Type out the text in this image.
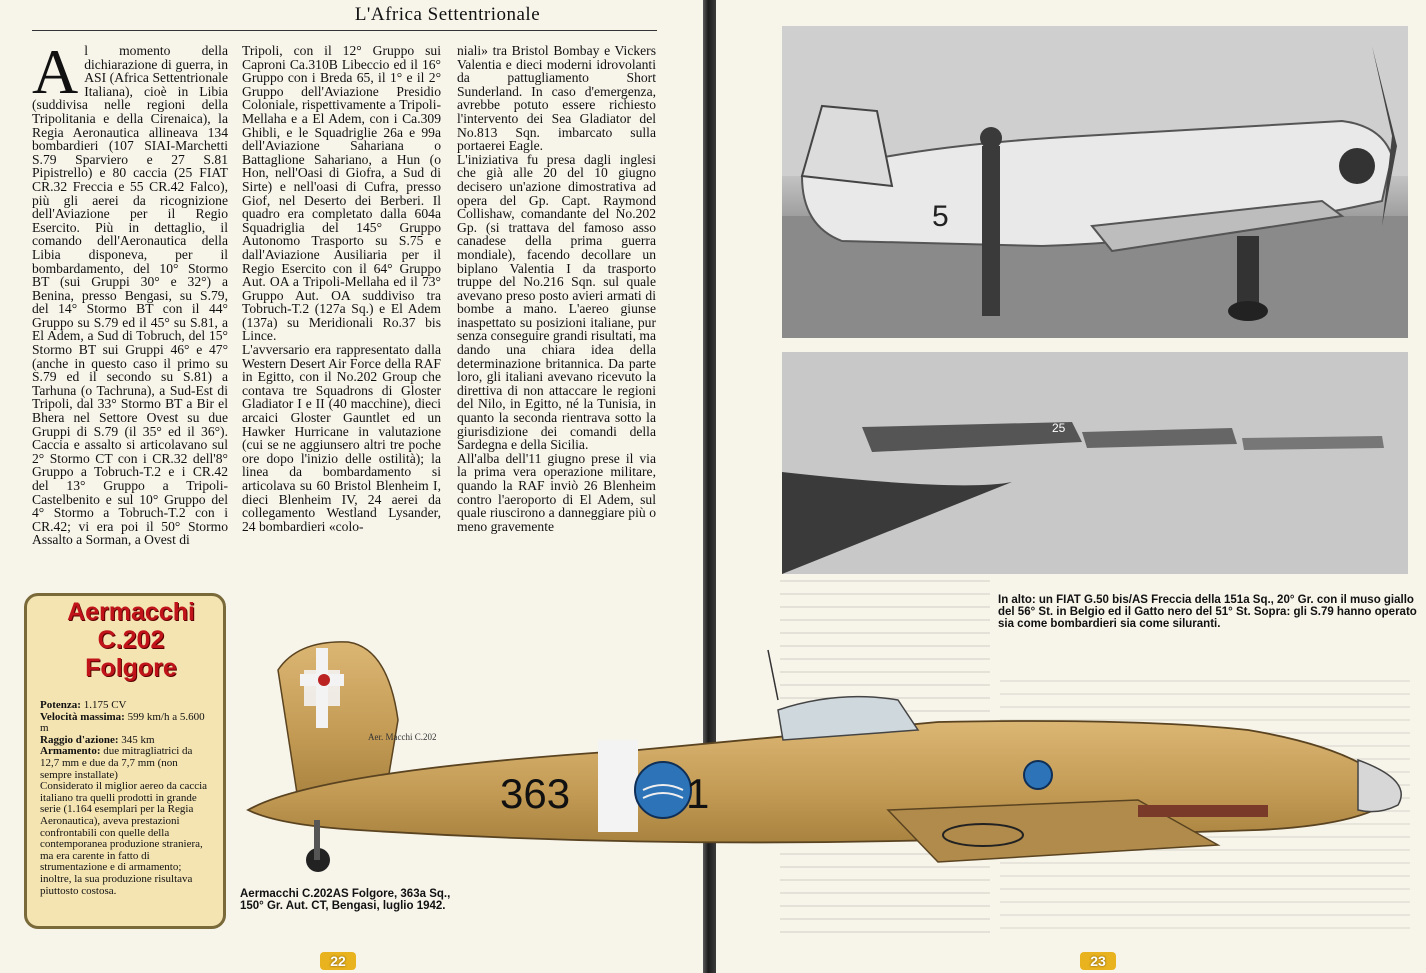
L'Africa Settentrionale

Al momento della dichiarazione di guerra, in ASI (Africa Settentrionale Italiana), cioè in Libia (suddivisa nelle regioni della Tripolitania e della Cirenaica), la Regia Aeronautica allineava 134 bombardieri (107 SIAI-Marchetti S.79 Sparviero e 27 S.81 Pipistrello) e 80 caccia (25 FIAT CR.32 Freccia e 55 CR.42 Falco), più gli aerei da ricognizione dell'Aviazione per il Regio Esercito. Più in dettaglio, il comando dell'Aeronautica della Libia disponeva, per il bombardamento, del 10° Stormo BT (sui Gruppi 30° e 32°) a Benina, presso Bengasi, su S.79, del 14° Stormo BT con il 44° Gruppo su S.79 ed il 45° su S.81, a El Adem, a Sud di Tobruch, del 15° Stormo BT sui Gruppi 46° e 47° (anche in questo caso il primo su S.79 ed il secondo su S.81) a Tarhuna (o Tachruna), a Sud-Est di Tripoli, dal 33° Stormo BT a Bir el Bhera nel Settore Ovest su due Gruppi di S.79 (il 35° ed il 36°). Caccia e assalto si articolavano sul 2° Stormo CT con i CR.32 dell'8° Gruppo a Tobruch-T.2 e i CR.42 del 13° Gruppo a Tripoli-Castelbenito e sul 10° Gruppo del 4° Stormo a Tobruch-T.2 con i CR.42; vi era poi il 50° Stormo Assalto a Sorman, a Ovest di

Tripoli, con il 12° Gruppo sui Caproni Ca.310B Libeccio ed il 16° Gruppo con i Breda 65, il 1° e il 2° Gruppo dell'Aviazione Presidio Coloniale, rispettivamente a Tripoli-Mellaha e a El Adem, con i Ca.309 Ghibli, e le Squadriglie 26a e 99a dell'Aviazione Sahariana o Battaglione Sahariano, a Hun (o Hon, nell'Oasi di Giofra, a Sud di Sirte) e nell'oasi di Cufra, presso Giof, nel Deserto dei Berberi. Il quadro era completato dalla 604a Squadriglia del 145° Gruppo Autonomo Trasporto su S.75 e dall'Aviazione Ausiliaria per il Regio Esercito con il 64° Gruppo Aut. OA a Tripoli-Mellaha ed il 73° Gruppo Aut. OA suddiviso tra Tobruch-T.2 (127a Sq.) e El Adem (137a) su Meridionali Ro.37 bis Lince.

L'avversario era rappresentato dalla Western Desert Air Force della RAF in Egitto, con il No.202 Group che contava tre Squadrons di Gloster Gladiator I e II (40 macchine), dieci arcaici Gloster Gauntlet ed un Hawker Hurricane in valutazione (cui se ne aggiunsero altri tre poche ore dopo l'inizio delle ostilità); la linea da bombardamento si articolava su 60 Bristol Blenheim I, dieci Blenheim IV, 24 aerei da collegamento Westland Lysander, 24 bombardieri «colo-

niali» tra Bristol Bombay e Vickers Valentia e dieci moderni idrovolanti da pattugliamento Short Sunderland. In caso d'emergenza, avrebbe potuto essere richiesto l'intervento dei Sea Gladiator del No.813 Sqn. imbarcato sulla portaerei Eagle.

L'iniziativa fu presa dagli inglesi che già alle 20 del 10 giugno decisero un'azione dimostrativa ad opera del Gp. Capt. Raymond Collishaw, comandante del No.202 Gp. (si trattava del famoso asso canadese della prima guerra mondiale), facendo decollare un biplano Valentia I da trasporto truppe del No.216 Sqn. sul quale avevano preso posto avieri armati di bombe a mano. L'aereo giunse inaspettato su posizioni italiane, pur senza conseguire grandi risultati, ma dando una chiara idea della determinazione britannica. Da parte loro, gli italiani avevano ricevuto la direttiva di non attaccare le regioni del Nilo, in Egitto, né la Tunisia, in quanto la seconda rientrava sotto la giurisdizione dei comandi della Sardegna e della Sicilia.

All'alba dell'11 giugno prese il via la prima vera operazione militare, quando la RAF inviò 26 Blenheim contro l'aeroporto di El Adem, sul quale riuscirono a danneggiare più o meno gravemente

5
25
In alto: un FIAT G.50 bis/AS Freccia della 151a Sq., 20° Gr. con il muso giallo del 56° St. in Belgio ed il Gatto nero del 51° St. Sopra: gli S.79 hanno operato sia come bombardieri sia come siluranti.
Aermacchi
C.202
Folgore
Potenza: 1.175 CV
Velocità massima: 599 km/h a 5.600 m
Raggio d'azione: 345 km
Armamento: due mitragliatrici da 12,7 mm e due da 7,7 mm (non sempre installate)
Considerato il miglior aereo da caccia italiano tra quelli prodotti in grande serie (1.164 esemplari per la Regia Aeronautica), aveva prestazioni confrontabili con quelle della contemporanea produzione straniera, ma era carente in fatto di strumentazione e di armamento; inoltre, la sua produzione risultava piuttosto costosa.
363	1
Aer. Macchi C.202
Aermacchi C.202AS Folgore, 363a Sq., 150° Gr. Aut. CT, Bengasi, luglio 1942.
22	23
